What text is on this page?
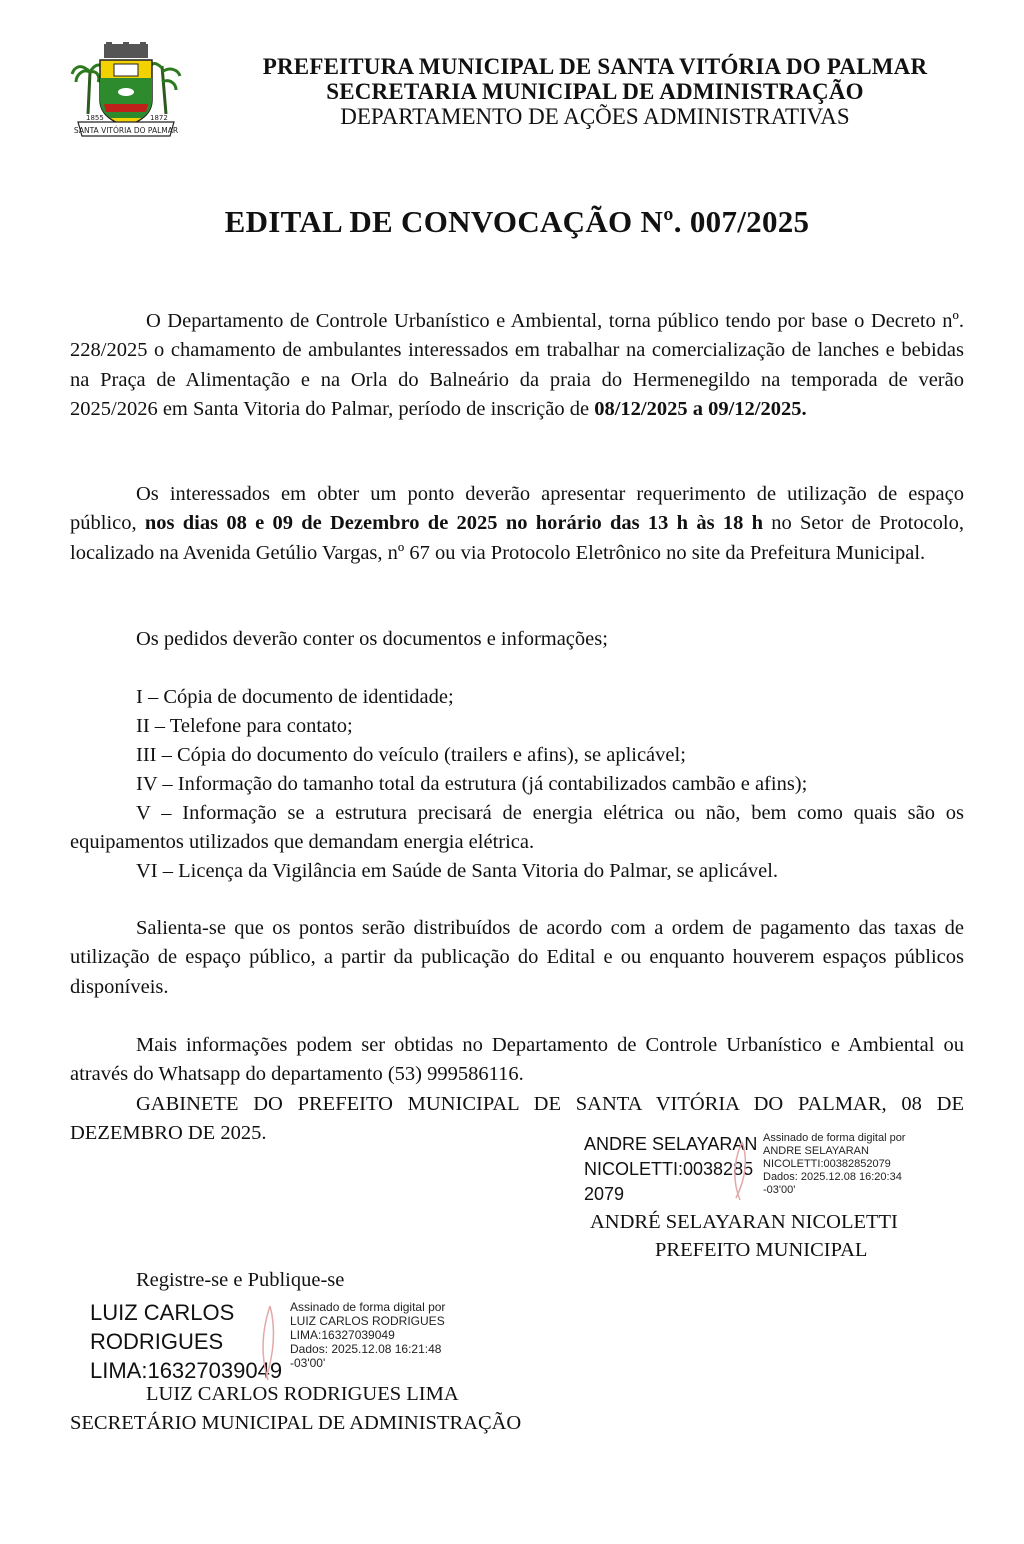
1855	1872
SANTA VITÓRIA DO PALMAR
PREFEITURA MUNICIPAL DE SANTA VITÓRIA DO PALMAR
SECRETARIA MUNICIPAL DE ADMINISTRAÇÃO
DEPARTAMENTO DE AÇÕES ADMINISTRATIVAS
EDITAL DE CONVOCAÇÃO Nº. 007/2025

O Departamento de Controle Urbanístico e Ambiental, torna público tendo por base o Decreto nº. 228/2025 o chamamento de ambulantes interessados em trabalhar na comercialização de lanches e bebidas na Praça de Alimentação e na Orla do Balneário da praia do Hermenegildo na temporada de verão 2025/2026 em Santa Vitoria do Palmar, período de inscrição de 08/12/2025 a 09/12/2025.

Os interessados em obter um ponto deverão apresentar requerimento de utilização de espaço público, nos dias 08 e 09 de Dezembro de 2025 no horário das 13 h às 18 h no Setor de Protocolo, localizado na Avenida Getúlio Vargas, nº 67 ou via Protocolo Eletrônico no site da Prefeitura Municipal.

Os pedidos deverão conter os documentos e informações;
I – Cópia de documento de identidade;
II – Telefone para contato;
III – Cópia do documento do veículo (trailers e afins), se aplicável;
IV – Informação do tamanho total da estrutura (já contabilizados cambão e afins);
V – Informação se a estrutura precisará de energia elétrica ou não, bem como quais são os equipamentos utilizados que demandam energia elétrica.
VI – Licença da Vigilância em Saúde de Santa Vitoria do Palmar, se aplicável.

Salienta-se que os pontos serão distribuídos de acordo com a ordem de pagamento das taxas de utilização de espaço público, a partir da publicação do Edital e ou enquanto houverem espaços públicos disponíveis.

Mais informações podem ser obtidas no Departamento de Controle Urbanístico e Ambiental ou através do Whatsapp do departamento (53) 999586116.

GABINETE DO PREFEITO MUNICIPAL DE SANTA VITÓRIA DO PALMAR, 08 DE DEZEMBRO DE 2025.	ANDRE SELAYARAN
NICOLETTI:0038285
2079
Assinado de forma digital por
ANDRE SELAYARAN
NICOLETTI:00382852079
Dados: 2025.12.08 16:20:34
-03'00'
ANDRÉ SELAYARAN NICOLETTI
PREFEITO MUNICIPAL
Registre-se e Publique-se
LUIZ CARLOS
RODRIGUES
LIMA:16327039049
Assinado de forma digital por
LUIZ CARLOS RODRIGUES
LIMA:16327039049
Dados: 2025.12.08 16:21:48
-03'00'
LUIZ CARLOS RODRIGUES LIMA
SECRETÁRIO MUNICIPAL DE ADMINISTRAÇÃO
